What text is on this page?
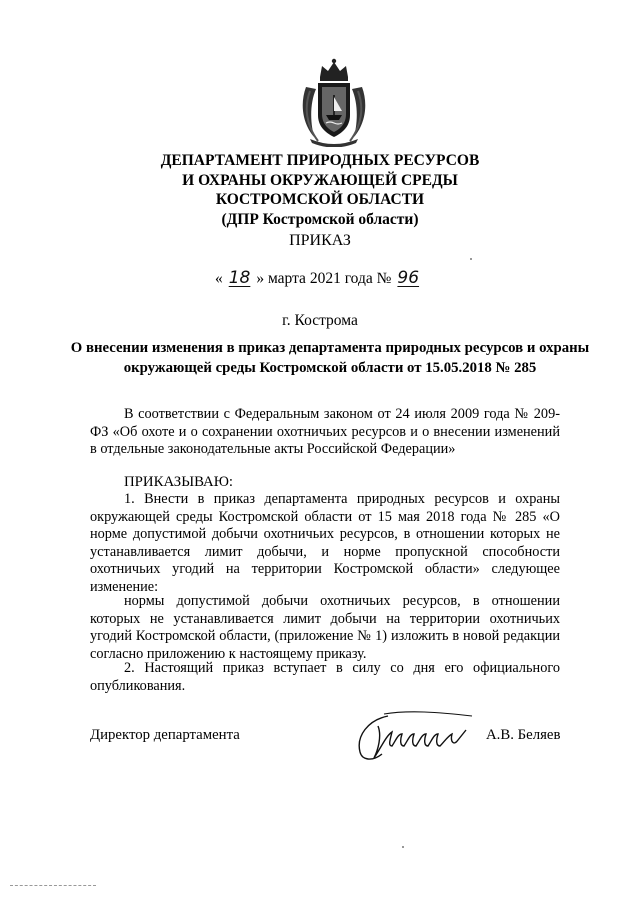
ДЕПАРТАМЕНТ ПРИРОДНЫХ РЕСУРСОВ
И ОХРАНЫ ОКРУЖАЮЩЕЙ СРЕДЫ
КОСТРОМСКОЙ ОБЛАСТИ
(ДПР Костромской области)
ПРИКАЗ
« 18 » марта 2021 года № 96
г. Кострома
О внесении изменения в приказ департамента природных ресурсов и охраны окружающей среды Костромской области от 15.05.2018 № 285
В соответствии с Федеральным законом от 24 июля 2009 года № 209-ФЗ «Об охоте и о сохранении охотничьих ресурсов и о внесении изменений в отдельные законодательные акты Российской Федерации»
ПРИКАЗЫВАЮ:
1. Внести в приказ департамента природных ресурсов и охраны окружающей среды Костромской области от 15 мая 2018 года № 285 «О норме допустимой добычи охотничьих ресурсов, в отношении которых не устанавливается лимит добычи, и норме пропускной способности охотничьих угодий на территории Костромской области» следующее изменение:
нормы допустимой добычи охотничьих ресурсов, в отношении которых не устанавливается лимит добычи на территории охотничьих угодий Костромской области, (приложение № 1) изложить в новой редакции согласно приложению к настоящему приказу.
2. Настоящий приказ вступает в силу со дня его официального опубликования.
Директор департамента	А.В. Беляев
